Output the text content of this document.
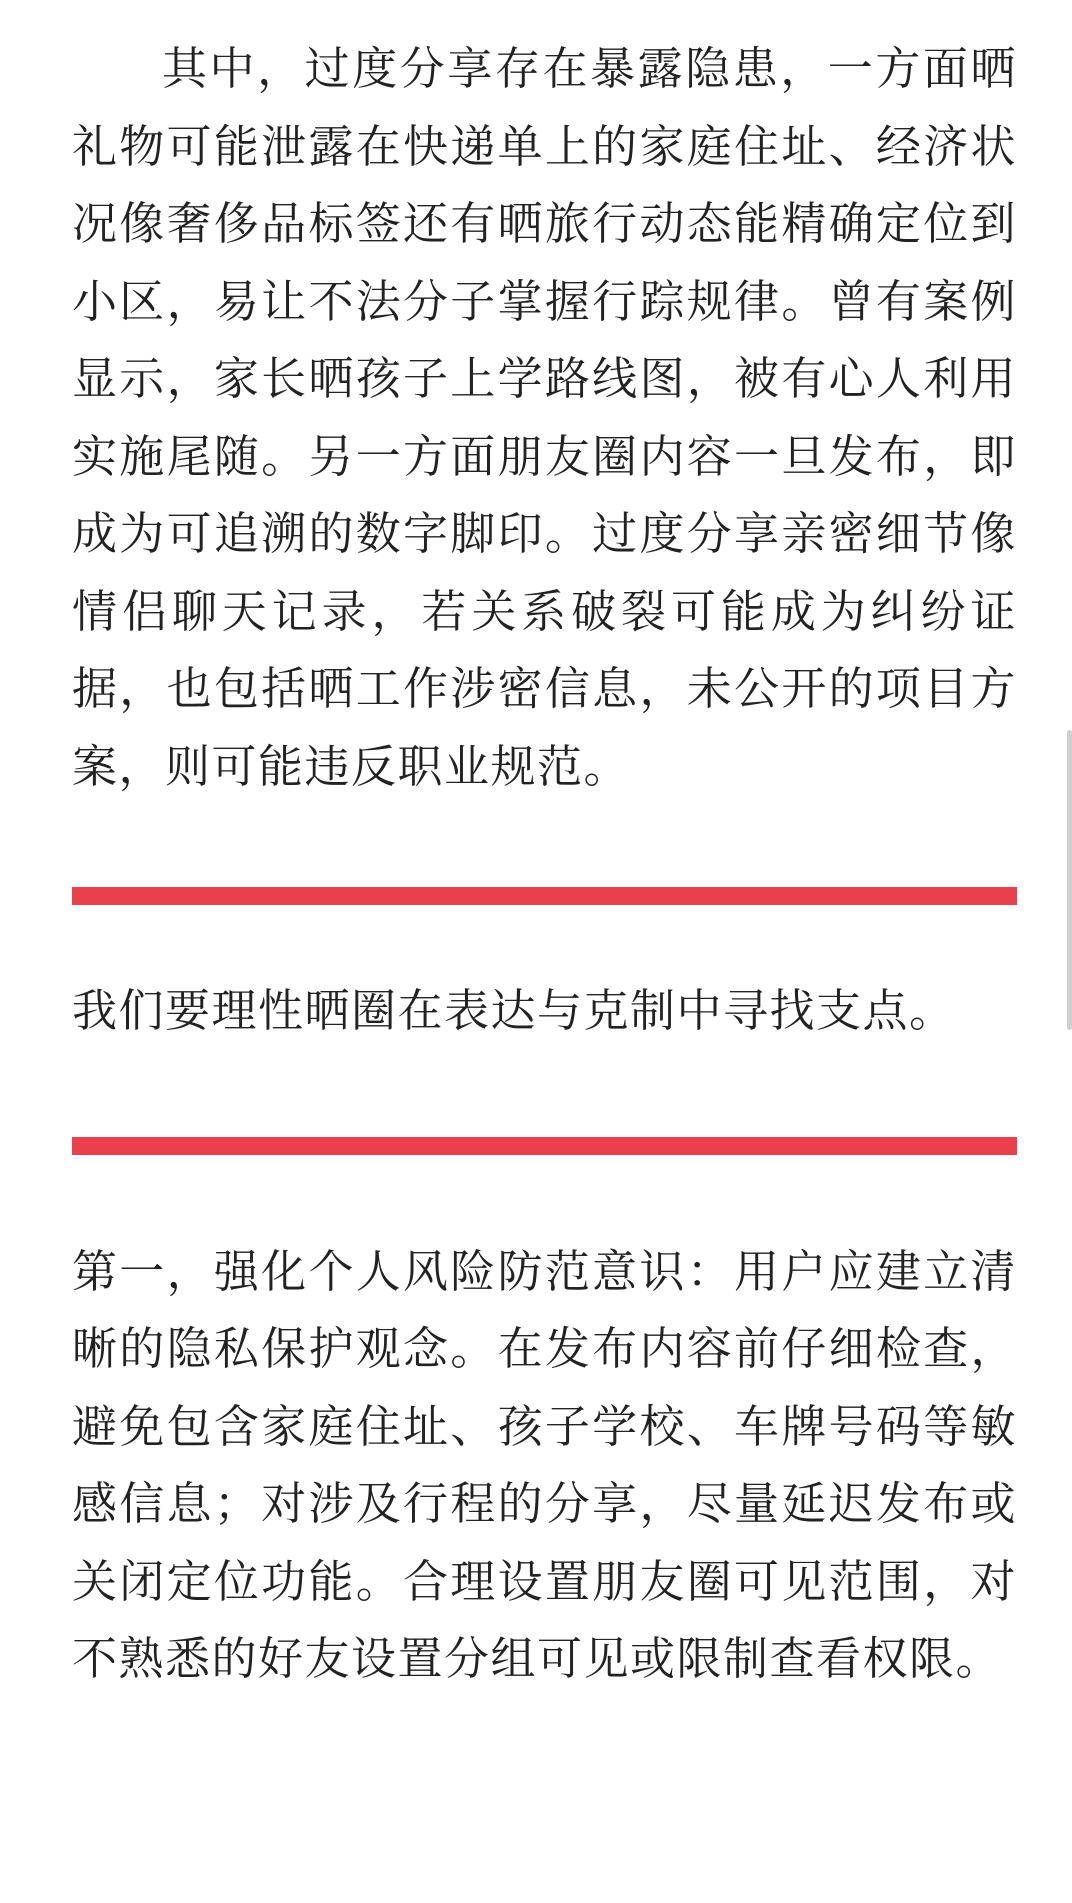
其中，过度分享存在暴露隐患，一方面晒礼物可能泄露在快递单上的家庭住址、经济状况像奢侈品标签还有晒旅行动态能精确定位到小区，易让不法分子掌握行踪规律。曾有案例显示，家长晒孩子上学路线图，被有心人利用实施尾随。另一方面朋友圈内容一旦发布，即成为可追溯的数字脚印。过度分享亲密细节像情侣聊天记录，若关系破裂可能成为纠纷证据，也包括晒工作涉密信息，未公开的项目方案，则可能违反职业规范。

我们要理性晒圈在表达与克制中寻找支点。

第一，强化个人风险防范意识：用户应建立清晰的隐私保护观念。在发布内容前仔细检查，避免包含家庭住址、孩子学校、车牌号码等敏感信息；对涉及行程的分享，尽量延迟发布或关闭定位功能。合理设置朋友圈可见范围，对不熟悉的好友设置分组可见或限制查看权限。
